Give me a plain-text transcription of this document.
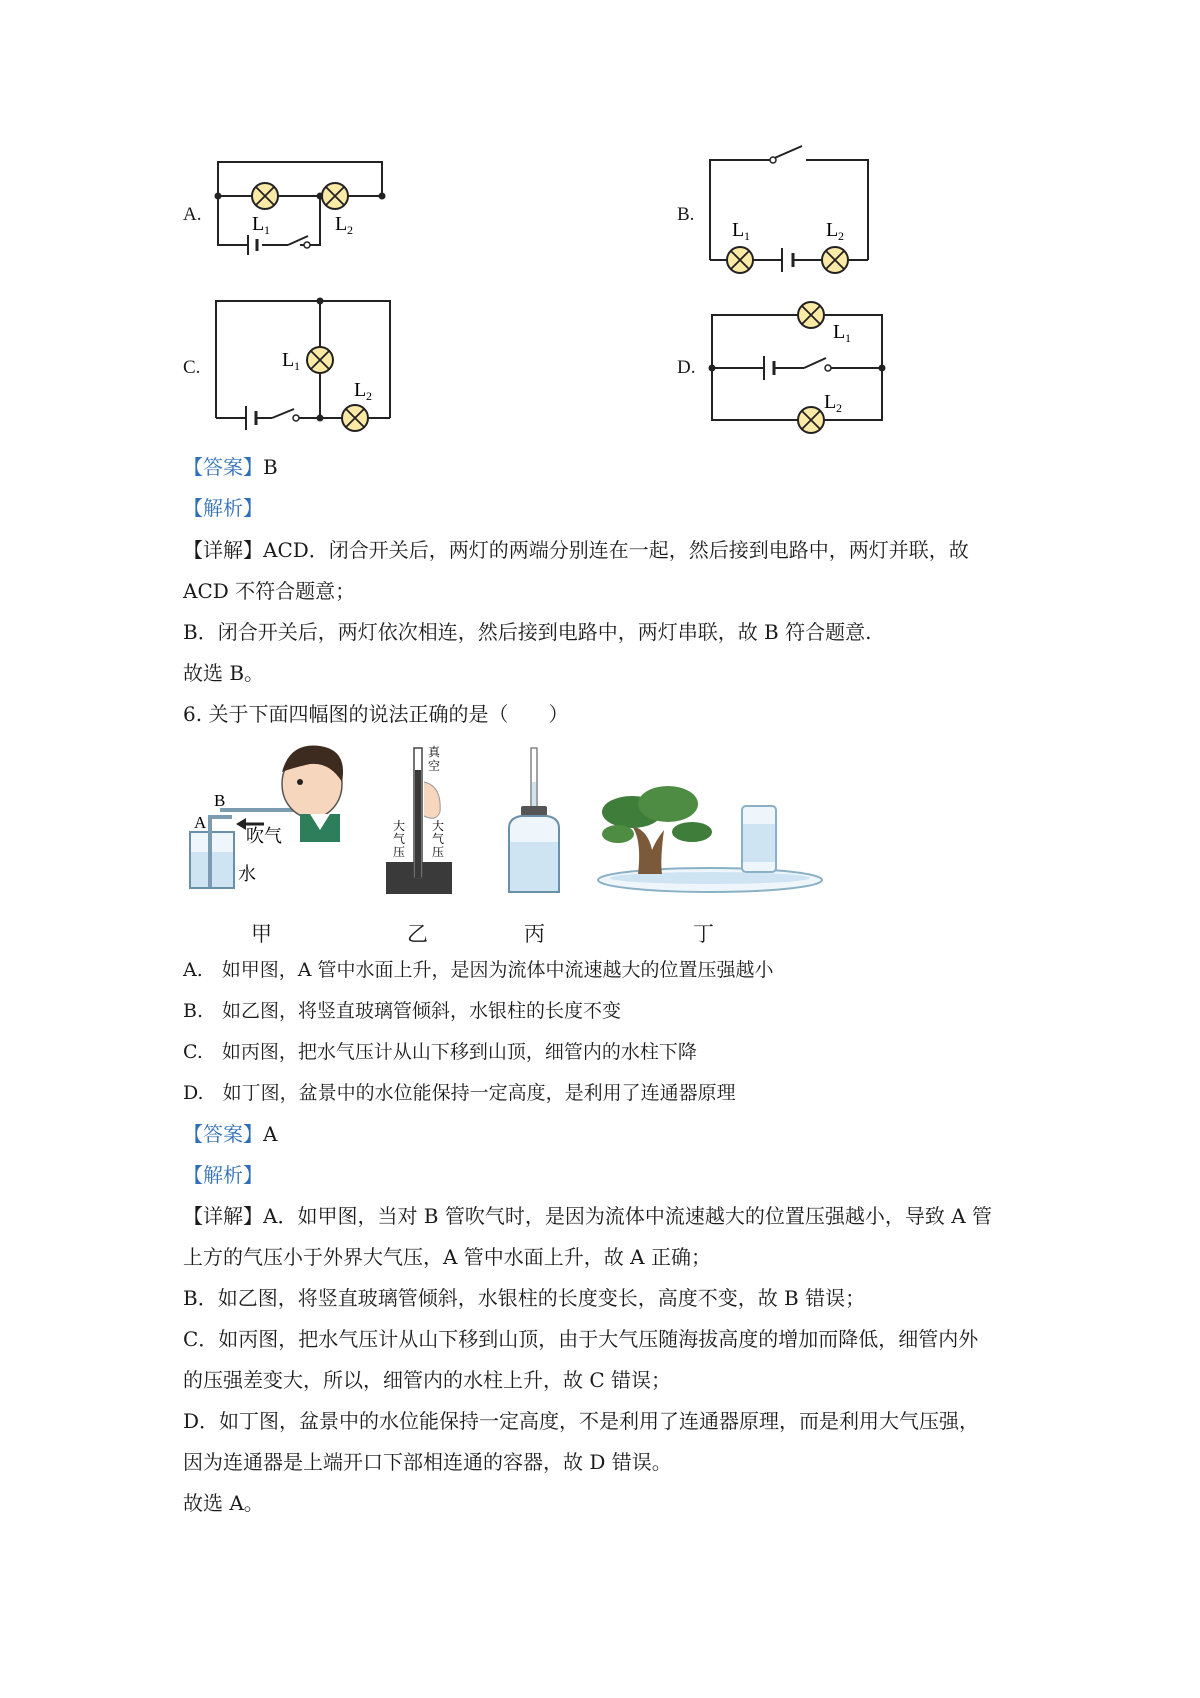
A.	L 1	L 2
B.
L 1	L 2
C.	L 1
L 2
D.
L 1
L 2
【答案】B
【解析】
【详解】ACD．闭合开关后，两灯的两端分别连在一起，然后接到电路中，两灯并联，故
ACD 不符合题意；
B．闭合开关后，两灯依次相连，然后接到电路中，两灯串联，故 B 符合题意.
故选 B。
6. 关于下面四幅图的说法正确的是（　　）
B
A
吹气
水
甲
真
空
大
气
压
大
气
压
乙	丙	丁
A.　如甲图，A 管中水面上升，是因为流体中流速越大的位置压强越小
B.　如乙图，将竖直玻璃管倾斜，水银柱的长度不变
C.　如丙图，把水气压计从山下移到山顶，细管内的水柱下降
D.　如丁图，盆景中的水位能保持一定高度，是利用了连通器原理
【答案】A
【解析】
【详解】A．如甲图，当对 B 管吹气时，是因为流体中流速越大的位置压强越小，导致 A 管
上方的气压小于外界大气压，A 管中水面上升，故 A 正确；
B．如乙图，将竖直玻璃管倾斜，水银柱的长度变长，高度不变，故 B 错误；
C．如丙图，把水气压计从山下移到山顶，由于大气压随海拔高度的增加而降低，细管内外
的压强差变大，所以，细管内的水柱上升，故 C 错误；
D．如丁图，盆景中的水位能保持一定高度，不是利用了连通器原理，而是利用大气压强，
因为连通器是上端开口下部相连通的容器，故 D 错误。
故选 A。
